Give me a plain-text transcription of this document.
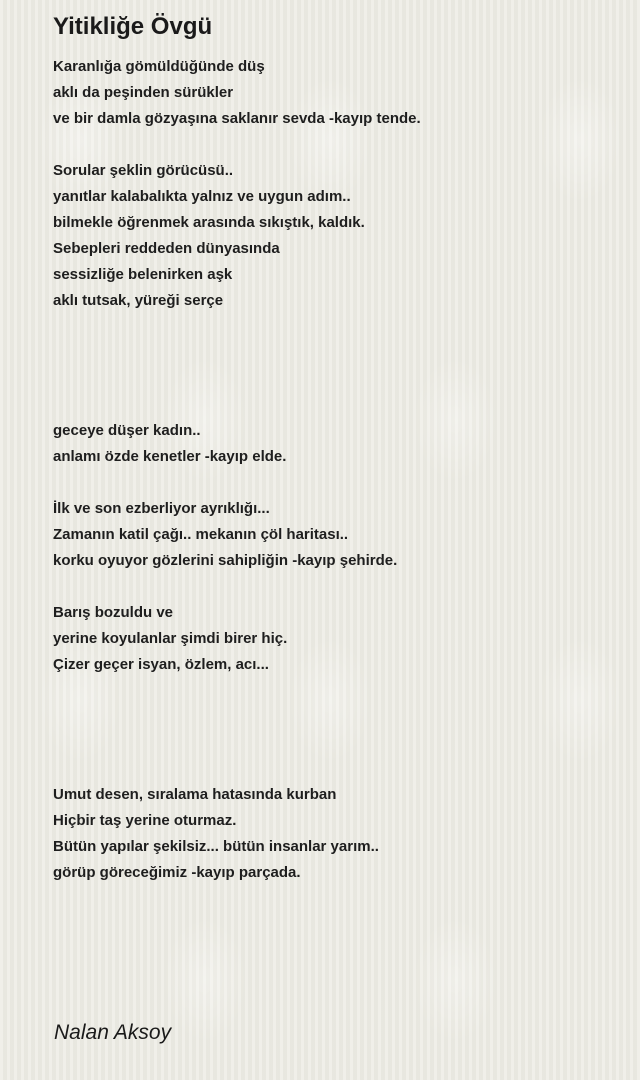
Yitikliğe Övgü
Karanlığa gömüldüğünde düş
aklı da peşinden sürükler
ve bir damla gözyaşına saklanır sevda -kayıp tende.
Sorular şeklin görücüsü..
yanıtlar kalabalıkta yalnız ve uygun adım..
bilmekle öğrenmek arasında sıkıştık, kaldık.
Sebepleri reddeden dünyasında
sessizliğe belenirken aşk
aklı tutsak, yüreği serçe
geceye düşer kadın..
anlamı özde kenetler -kayıp elde.
İlk ve son ezberliyor ayrıklığı...
Zamanın katil çağı.. mekanın çöl haritası..
korku oyuyor gözlerini sahipliğin -kayıp şehirde.
Barış bozuldu ve
yerine koyulanlar şimdi birer hiç.
Çizer geçer isyan, özlem, acı...
Umut desen, sıralama hatasında kurban
Hiçbir taş yerine oturmaz.
Bütün yapılar şekilsiz... bütün insanlar yarım..
görüp göreceğimiz -kayıp parçada.
Nalan Aksoy
